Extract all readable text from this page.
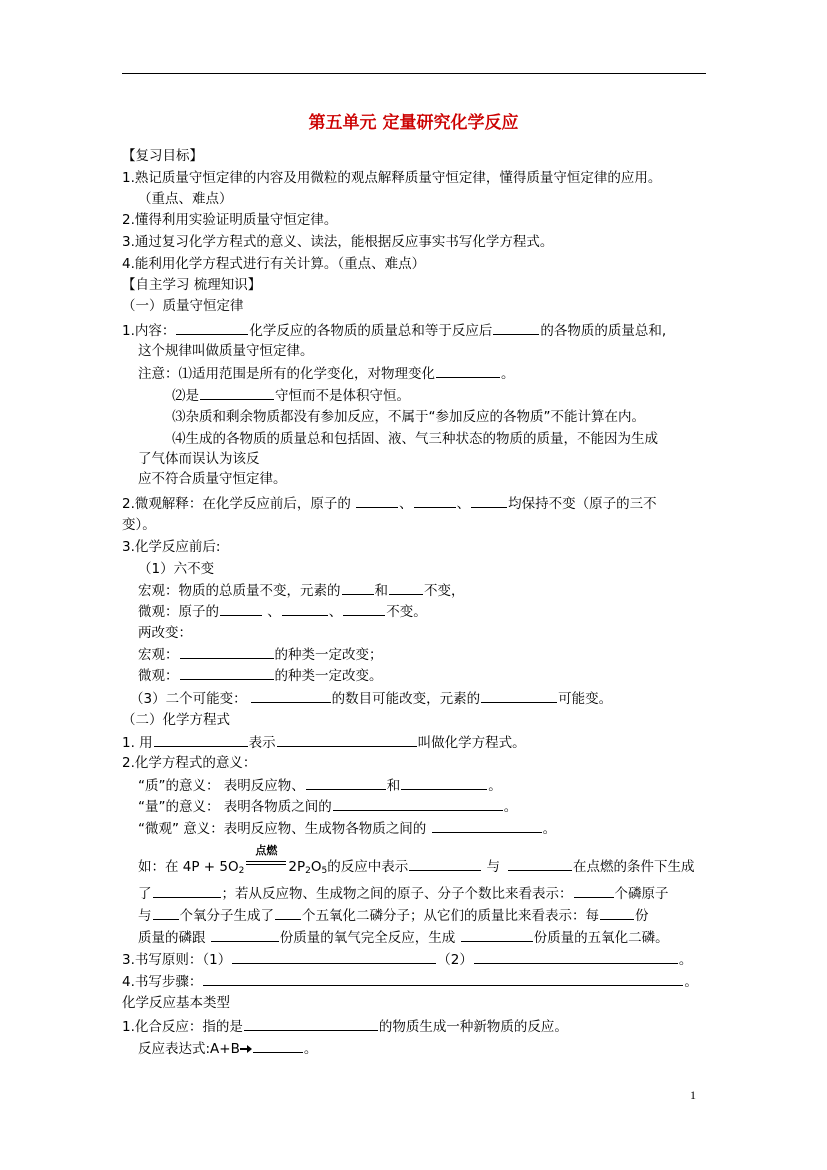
第五单元 定量研究化学反应
【复习目标】
1.熟记质量守恒定律的内容及用微粒的观点解释质量守恒定律，懂得质量守恒定律的应用。
（重点、难点）
2.懂得利用实验证明质量守恒定律。
3.通过复习化学方程式的意义、读法，能根据反应事实书写化学方程式。
4.能利用化学方程式进行有关计算。（重点、难点）
【自主学习 梳理知识】
（一）质量守恒定律
1.内容：	化学反应的各物质的质量总和等于反应后	的各物质的质量总和,
这个规律叫做质量守恒定律。
注意：⑴适用范围是所有的化学变化，对物理变化	。
⑵是	守恒而不是体积守恒。
⑶杂质和剩余物质都没有参加反应，不属于“参加反应的各物质”不能计算在内。
⑷生成的各物质的质量总和包括固、液、气三种状态的物质的质量，不能因为生成
了气体而误认为该反
应不符合质量守恒定律。
2.微观解释：在化学反应前后，原子的	、	、	均保持不变（原子的三不
变）。
3.化学反应前后:
（1）六不变
宏观：物质的总质量不变，元素的	和	不变，
微观：原子的	、	、	不变。
两改变：
宏观：	的种类一定改变；
微观：	的种类一定改变。
（3）二个可能变：	的数目可能改变，元素的	可能变。
（二）化学方程式
1. 用	表示	叫做化学方程式。
2.化学方程式的意义：
“质”的意义： 表明反应物、	和	。
“量”的意义： 表明各物质之间的	。
“微观” 意义：表明反应物、生成物各物质之间的	。
如：在 $4P + 5O_2$
点燃
$2P_2O_5$的反应中表示	与	在点燃的条件下生成
了	；若从反应物、生成物之间的原子、分子个数比来看表示：	个磷原子
与 个氧分子生成了 个五氧化二磷分子；从它们的质量比来看表示：每	份
质量的磷跟	份质量的氧气完全反应，生成	份质量的五氧化二磷。
3.书写原则：（1）	（2）	。
4.书写步骤：	。
化学反应基本类型
1.化合反应：指的是	的物质生成一种新物质的反应。
反应表达式:A+B	。
1
